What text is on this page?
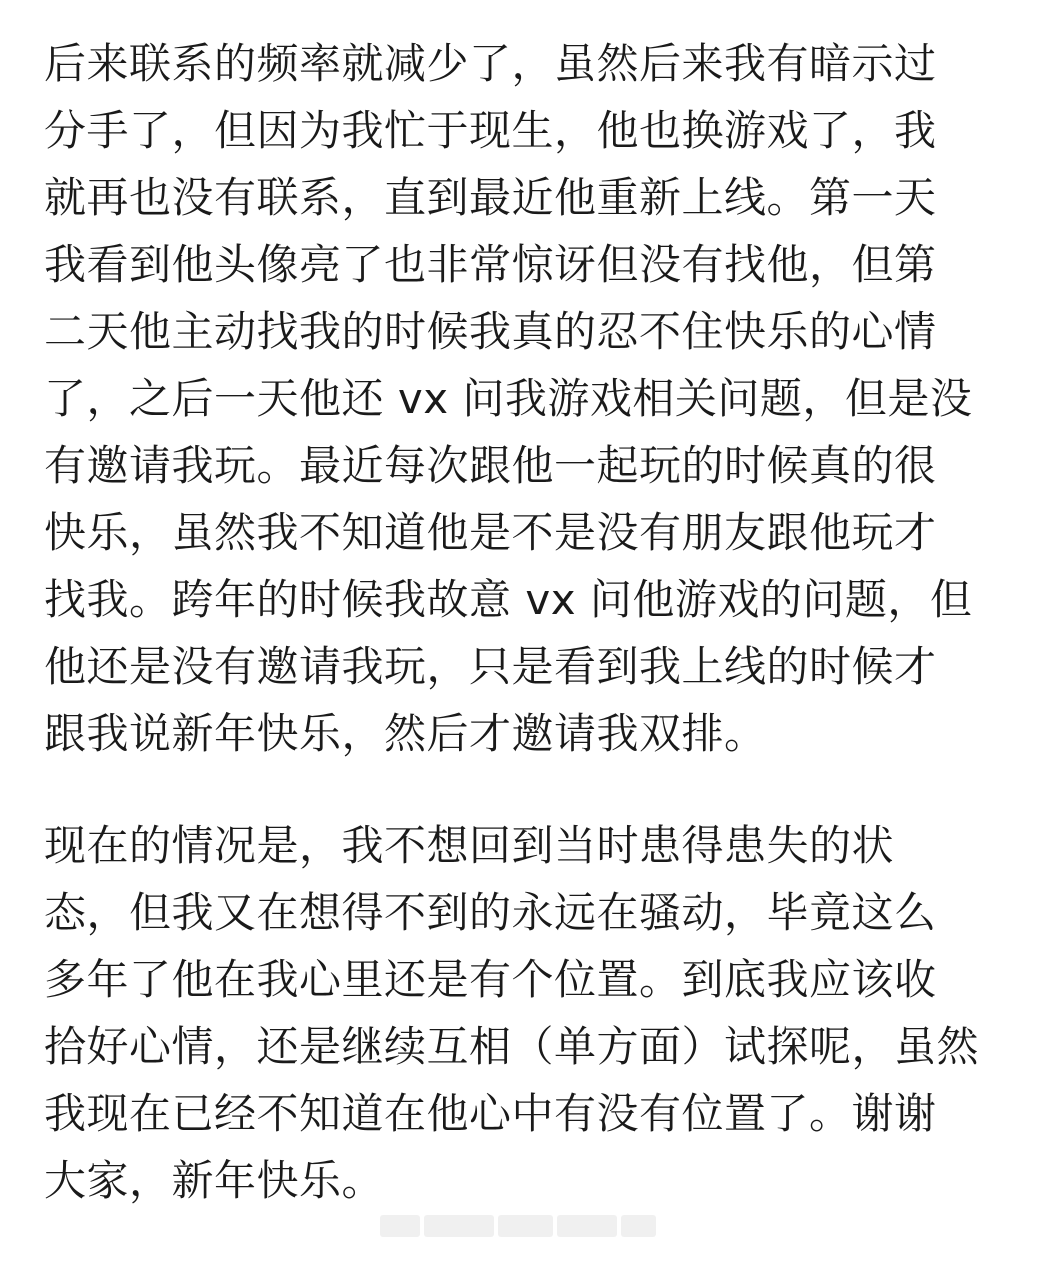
后来联系的频率就减少了，虽然后来我有暗示过
分手了，但因为我忙于现生，他也换游戏了，我
就再也没有联系，直到最近他重新上线。第一天
我看到他头像亮了也非常惊讶但没有找他，但第
二天他主动找我的时候我真的忍不住快乐的心情
了，之后一天他还 vx 问我游戏相关问题，但是没
有邀请我玩。最近每次跟他一起玩的时候真的很
快乐，虽然我不知道他是不是没有朋友跟他玩才
找我。跨年的时候我故意 vx 问他游戏的问题，但
他还是没有邀请我玩，只是看到我上线的时候才
跟我说新年快乐，然后才邀请我双排。
现在的情况是，我不想回到当时患得患失的状
态，但我又在想得不到的永远在骚动，毕竟这么
多年了他在我心里还是有个位置。到底我应该收
拾好心情，还是继续互相（单方面）试探呢，虽然
我现在已经不知道在他心中有没有位置了。谢谢
大家，新年快乐。
